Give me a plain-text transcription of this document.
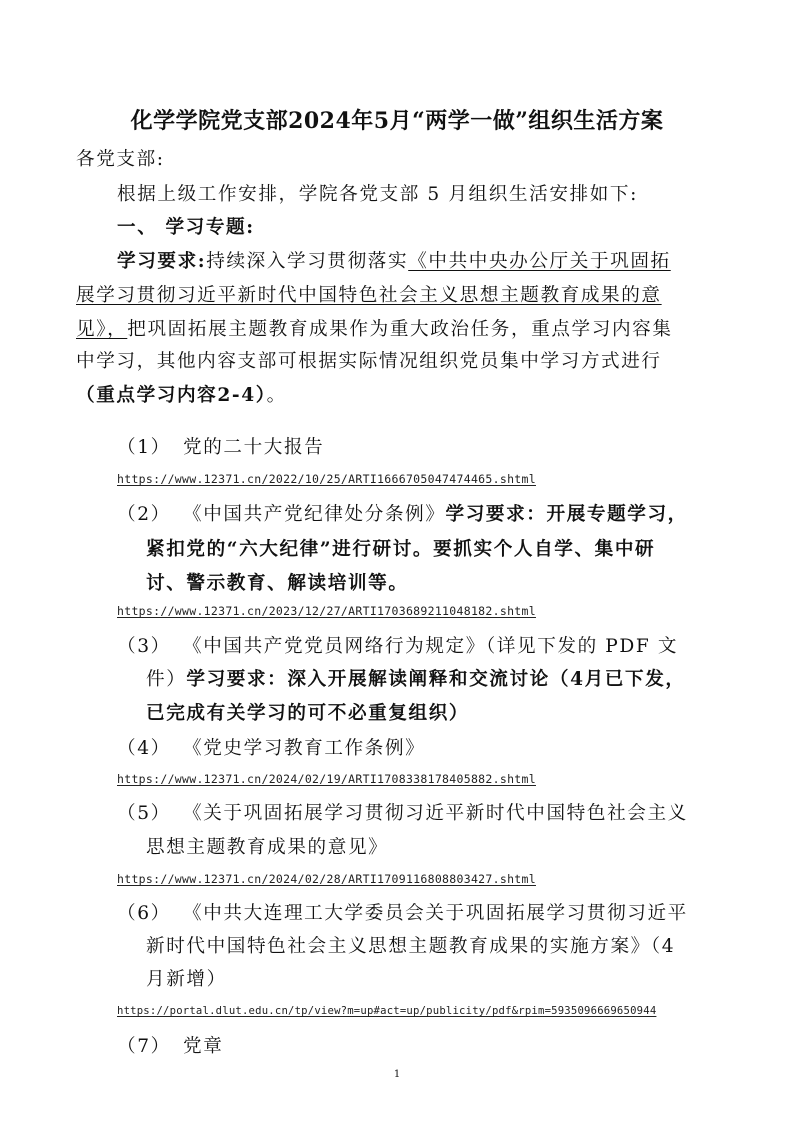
化学学院党支部2024年5月“两学一做”组织生活方案
各党支部:
根据上级工作安排，学院各党支部 5 月组织生活安排如下:
一、 学习专题:
学习要求:持续深入学习贯彻落实《中共中央办公厅关于巩固拓
展学习贯彻习近平新时代中国特色社会主义思想主题教育成果的意
见》，把巩固拓展主题教育成果作为重大政治任务，重点学习内容集
中学习，其他内容支部可根据实际情况组织党员集中学习方式进行
（重点学习内容2-4）。
（1） 党的二十大报告
https://www.12371.cn/2022/10/25/ARTI1666705047474465.shtml
（2） 《中国共产党纪律处分条例》学习要求：开展专题学习，
紧扣党的“六大纪律”进行研讨。要抓实个人自学、集中研
讨、警示教育、解读培训等。
https://www.12371.cn/2023/12/27/ARTI1703689211048182.shtml
（3） 《中国共产党党员网络行为规定》（详见下发的 PDF 文
件）学习要求：深入开展解读阐释和交流讨论（4月已下发，
已完成有关学习的可不必重复组织）
（4） 《党史学习教育工作条例》
https://www.12371.cn/2024/02/19/ARTI1708338178405882.shtml
（5） 《关于巩固拓展学习贯彻习近平新时代中国特色社会主义
思想主题教育成果的意见》
https://www.12371.cn/2024/02/28/ARTI1709116808803427.shtml
（6） 《中共大连理工大学委员会关于巩固拓展学习贯彻习近平
新时代中国特色社会主义思想主题教育成果的实施方案》（4
月新增）
https://portal.dlut.edu.cn/tp/view?m=up#act=up/publicity/pdf&rpim=5935096669650944
（7） 党章
1
